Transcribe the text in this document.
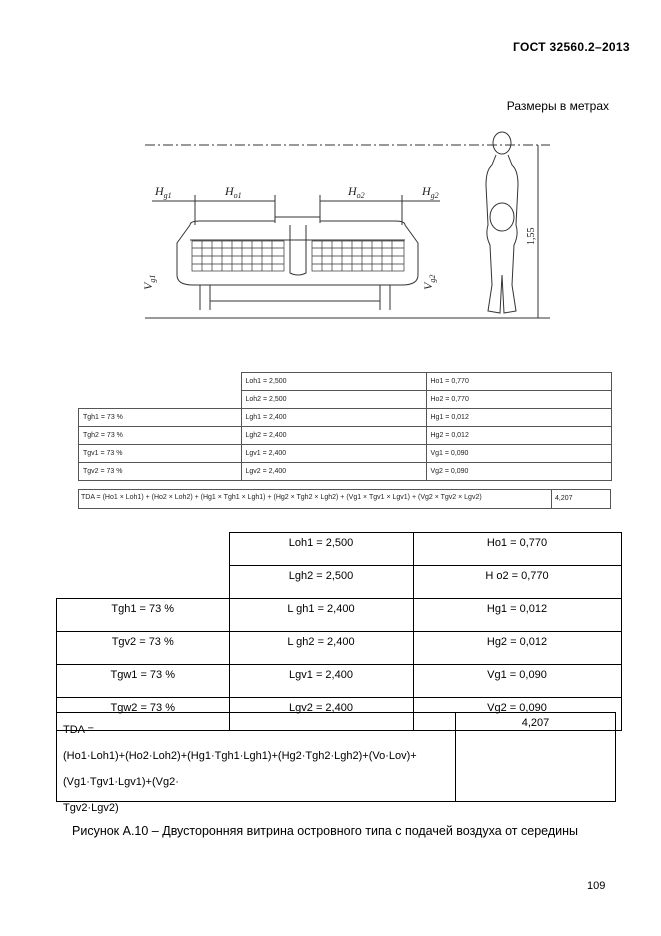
ГОСТ 32560.2–2013
Размеры в метрах
$H_{g1}$	$H_{o1}$	$H_{o2}$	$H_{g2}$
$V_{g1}$
$V_{g2}$
1,55
	Loh1 = 2,500	Ho1 = 0,770
	Loh2 = 2,500	Ho2 = 0,770
Tgh1 = 73 %	Lgh1 = 2,400	Hg1 = 0,012
Tgh2 = 73 %	Lgh2 = 2,400	Hg2 = 0,012
Tgv1 = 73 %	Lgv1 = 2,400	Vg1 = 0,090
Tgv2 = 73 %	Lgv2 = 2,400	Vg2 = 0,090
TDA = (Ho1 × Loh1) + (Ho2 × Loh2) + (Hg1 × Tgh1 × Lgh1) + (Hg2 × Tgh2 × Lgh2) + (Vg1 × Tgv1 × Lgv1) + (Vg2 × Tgv2 × Lgv2)	4,207
	Loh1 = 2,500	Ho1 = 0,770
	Lgh2 = 2,500	H o2 = 0,770
Tgh1 = 73 %	L gh1 = 2,400	Hg1 = 0,012
Tgv2 = 73 %	L gh2 = 2,400	Hg2 = 0,012
Tgw1 = 73 %	Lgv1 = 2,400	Vg1 = 0,090
Tgw2 = 73 %	Lgv2 = 2,400	Vg2 = 0,090
TDA =
(Ho1·Loh1)+(Ho2·Loh2)+(Hg1·Tgh1·Lgh1)+(Hg2·Tgh2·Lgh2)+(Vo·Lov)+(Vg1·Tgv1·Lgv1)+(Vg2·
Tgv2·Lgv2)
4,207
Рисунок А.10 – Двусторонняя витрина островного типа с подачей воздуха от середины
109
